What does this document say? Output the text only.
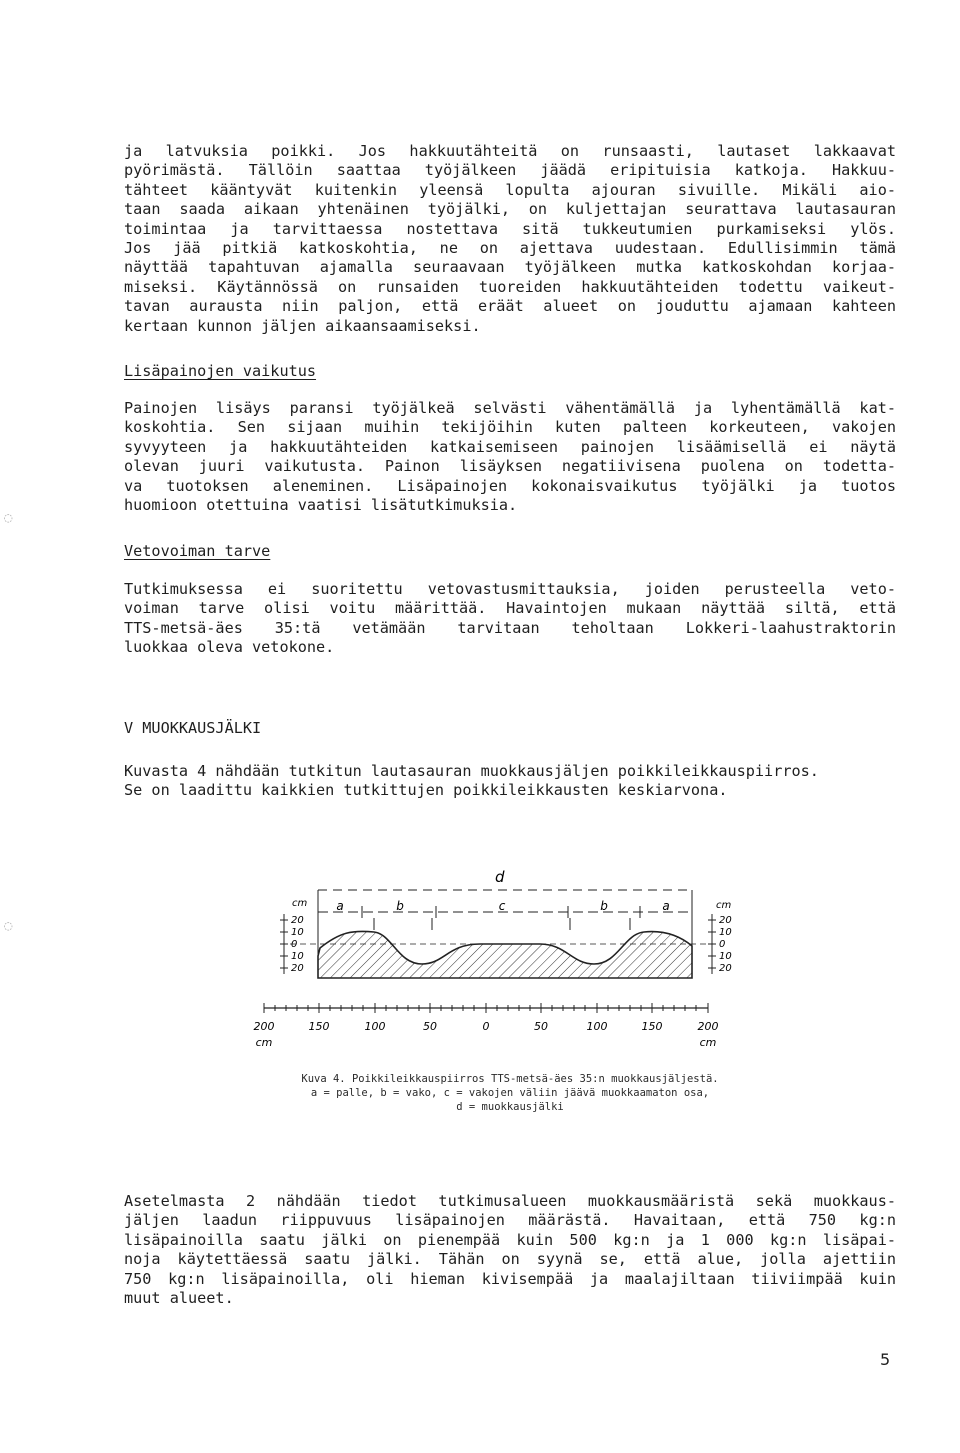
◌
◌

ja latvuksia poikki. Jos hakkuutähteitä on runsaasti, lautaset lakkaavat
pyörimästä. Tällöin saattaa työjälkeen jäädä eripituisia katkoja. Hakkuu-
tähteet kääntyvät kuitenkin yleensä lopulta ajouran sivuille. Mikäli aio-
taan saada aikaan yhtenäinen työjälki, on kuljettajan seurattava lautasauran
toimintaa ja tarvittaessa nostettava sitä tukkeutumien purkamiseksi ylös.
Jos jää pitkiä katkoskohtia, ne on ajettava uudestaan. Edullisimmin tämä
näyttää tapahtuvan ajamalla seuraavaan työjälkeen mutka katkoskohdan korjaa-
miseksi. Käytännössä on runsaiden tuoreiden hakkuutähteiden todettu vaikeut-
tavan aurausta niin paljon, että eräät alueet on jouduttu ajamaan kahteen
kertaan kunnon jäljen aikaansaamiseksi.

Lisäpainojen vaikutus

Painojen lisäys paransi työjälkeä selvästi vähentämällä ja lyhentämällä kat-
koskohtia. Sen sijaan muihin tekijöihin kuten palteen korkeuteen, vakojen
syvyyteen ja hakkuutähteiden katkaisemiseen painojen lisäämisellä ei näytä
olevan juuri vaikutusta. Painon lisäyksen negatiivisena puolena on todetta-
va tuotoksen aleneminen. Lisäpainojen kokonaisvaikutus työjälki ja tuotos
huomioon otettuina vaatisi lisätutkimuksia.

Vetovoiman tarve

Tutkimuksessa ei suoritettu vetovastusmittauksia, joiden perusteella veto-
voiman tarve olisi voitu määrittää. Havaintojen mukaan näyttää siltä, että
TTS-metsä-äes 35:tä vetämään tarvitaan teholtaan Lokkeri-laahustraktorin
luokkaa oleva vetokone.

V MUOKKAUSJÄLKI

Kuvasta 4 nähdään tutkitun lautasauran muokkausjäljen poikkileikkauspiirros.
Se on laadittu kaikkien tutkittujen poikkileikkausten keskiarvona.

d
a	b	c	b	a
cm
20
10
0
10
20
cm
20
10
0
10
20
200	150	100	50	0	50	100	150	200
cm	cm
Kuva 4. Poikkileikkauspiirros TTS-metsä-äes 35:n muokkausjäljestä.
a = palle, b = vako, c = vakojen väliin jäävä muokkaamaton osa,
d = muokkausjälki

Asetelmasta 2 nähdään tiedot tutkimusalueen muokkausmääristä sekä muokkaus-
jäljen laadun riippuvuus lisäpainojen määrästä. Havaitaan, että 750 kg:n
lisäpainoilla saatu jälki on pienempää kuin 500 kg:n ja 1 000 kg:n lisäpai-
noja käytettäessä saatu jälki. Tähän on syynä se, että alue, jolla ajettiin
750 kg:n lisäpainoilla, oli hieman kivisempää ja maalajiltaan tiiviimpää kuin
muut alueet.

5
